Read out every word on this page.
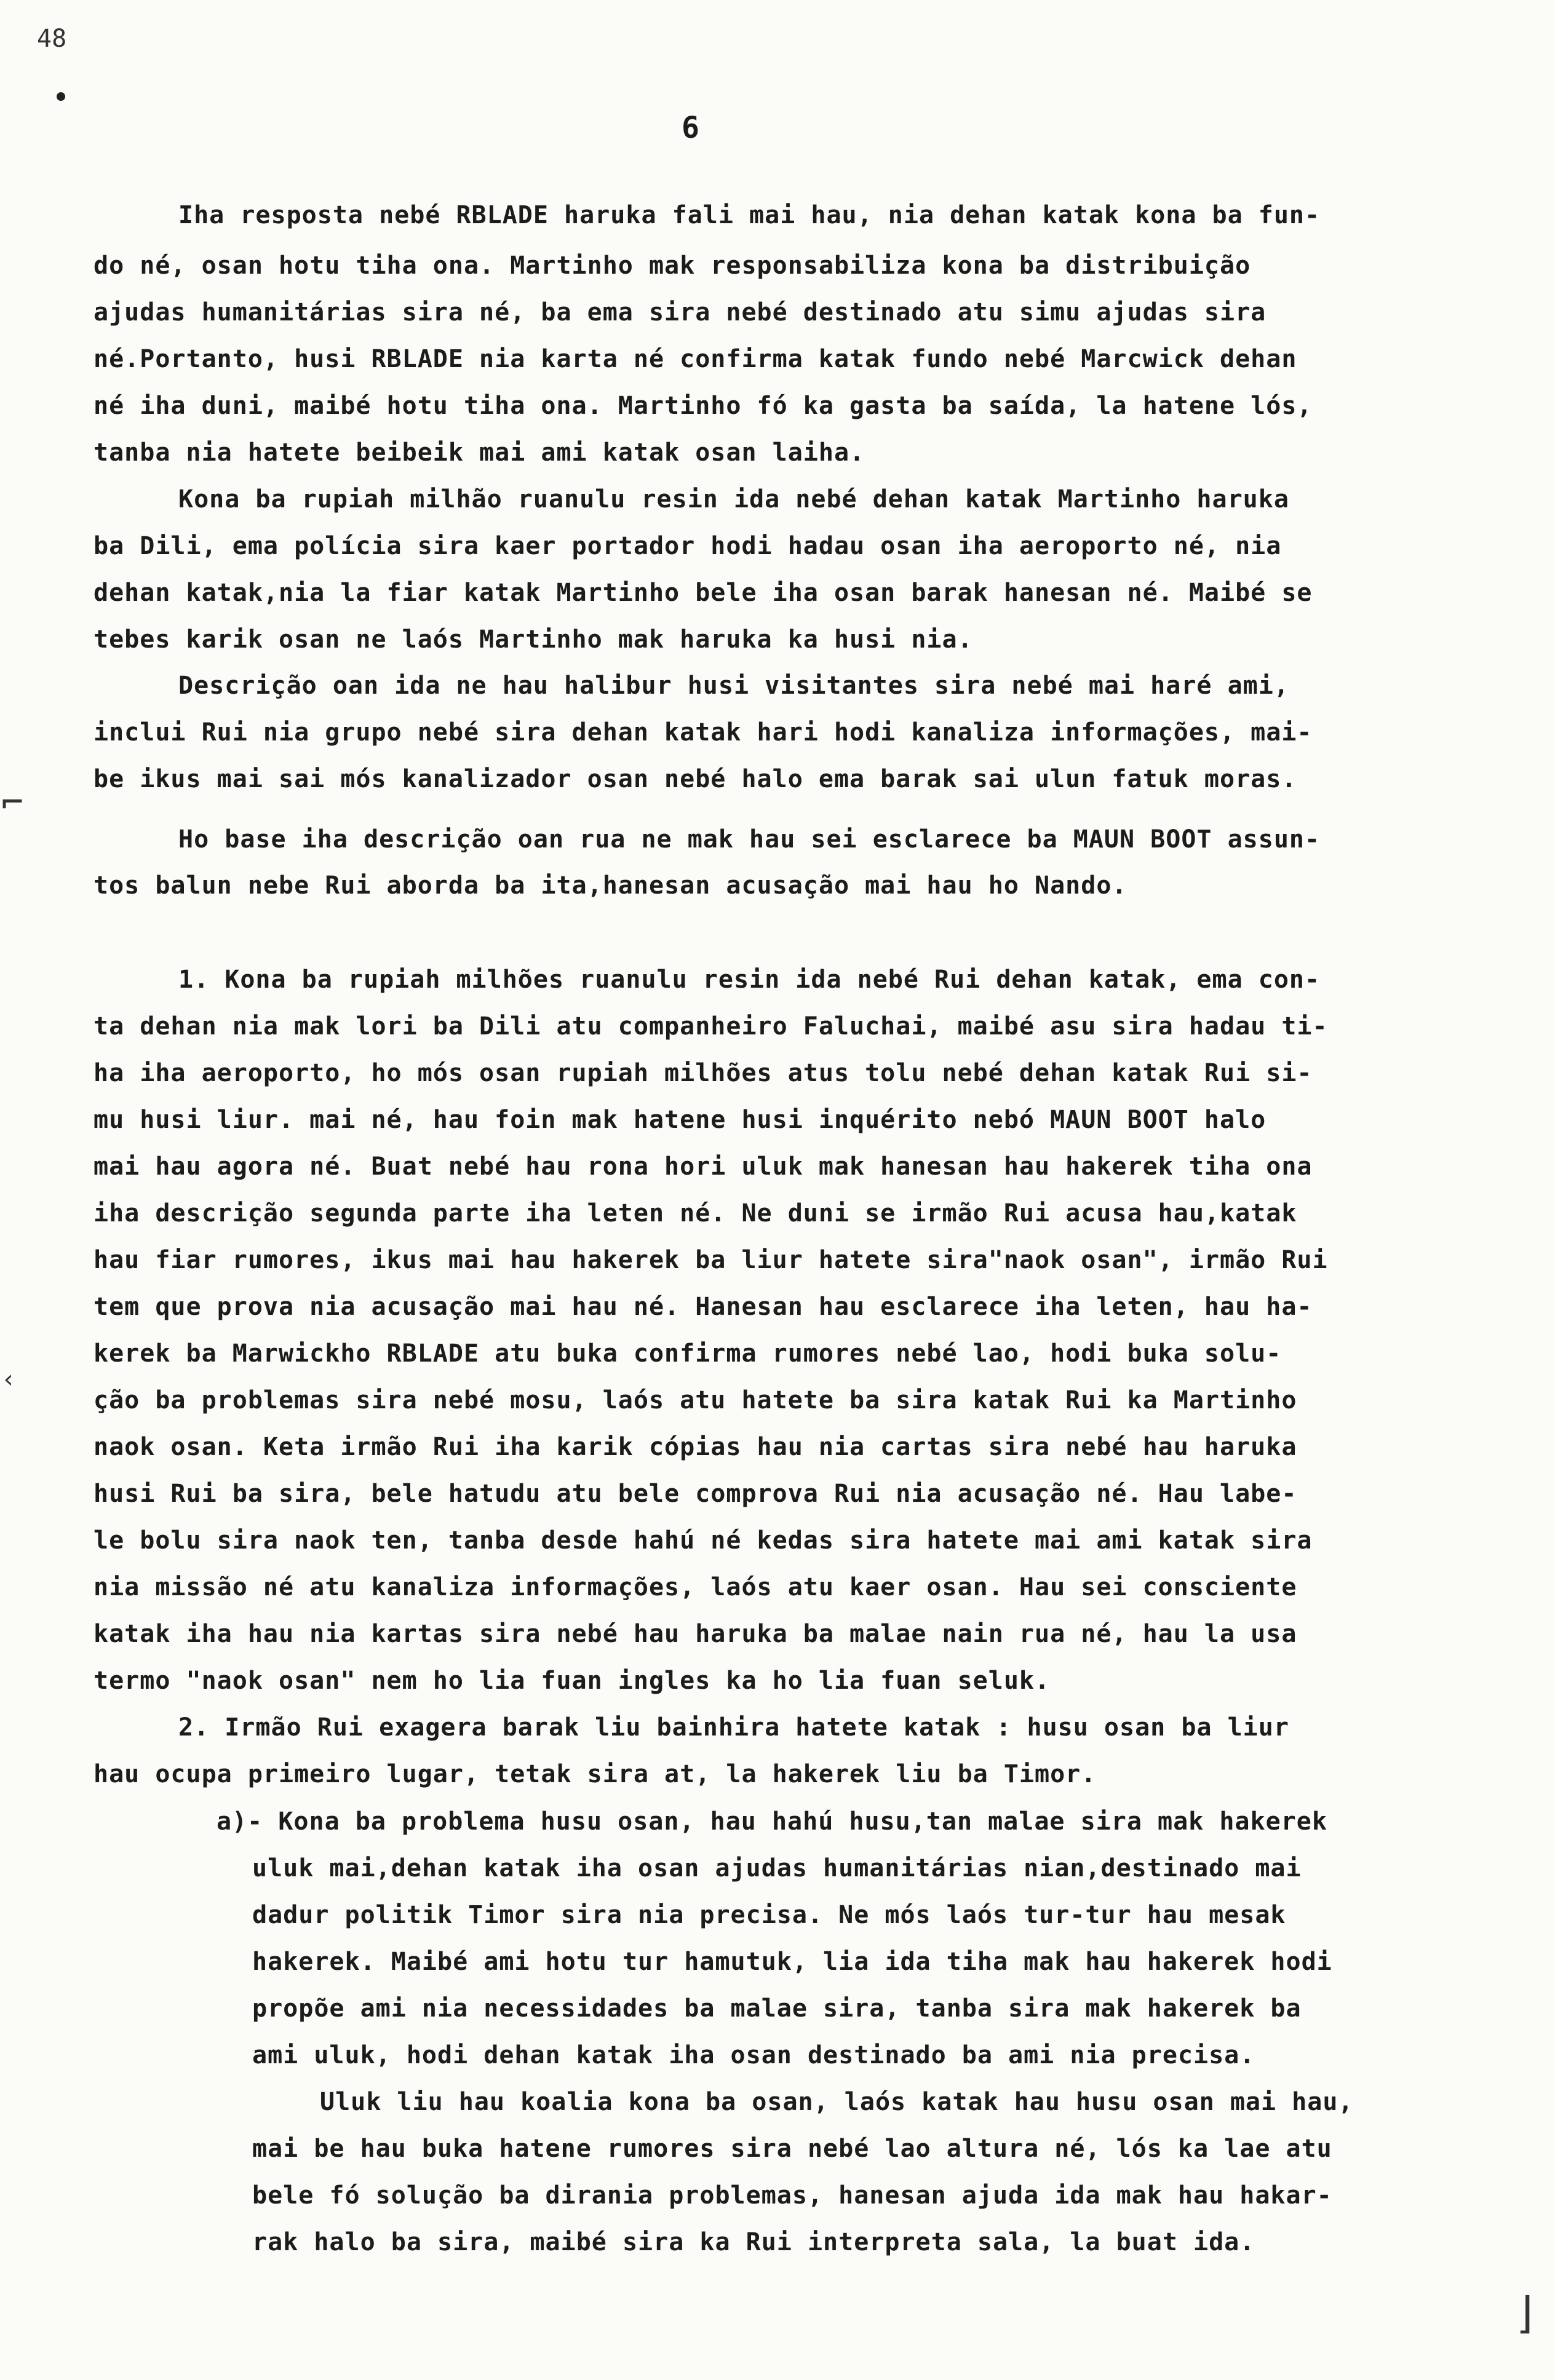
48
6
⌐
‹
⌋
Iha resposta nebé RBLADE haruka fali mai hau, nia dehan katak kona ba fun-
do né, osan hotu tiha ona. Martinho mak responsabiliza kona ba distribuição
ajudas humanitárias sira né, ba ema sira nebé destinado atu simu ajudas sira
né.Portanto, husi RBLADE nia karta né confirma katak fundo nebé Marcwick dehan
né iha duni, maibé hotu tiha ona. Martinho fó ka gasta ba saída, la hatene lós,
tanba nia hatete beibeik mai ami katak osan laiha.
Kona ba rupiah milhão ruanulu resin ida nebé dehan katak Martinho haruka
ba Dili, ema polícia sira kaer portador hodi hadau osan iha aeroporto né, nia
dehan katak,nia la fiar katak Martinho bele iha osan barak hanesan né. Maibé se
tebes karik osan ne laós Martinho mak haruka ka husi nia.
Descrição oan ida ne hau halibur husi visitantes sira nebé mai haré ami,
inclui Rui nia grupo nebé sira dehan katak hari hodi kanaliza informações, mai-
be ikus mai sai mós kanalizador osan nebé halo ema barak sai ulun fatuk moras.
Ho base iha descrição oan rua ne mak hau sei esclarece ba MAUN BOOT assun-
tos balun nebe Rui aborda ba ita,hanesan acusação mai hau ho Nando.
1. Kona ba rupiah milhões ruanulu resin ida nebé Rui dehan katak, ema con-
ta dehan nia mak lori ba Dili atu companheiro Faluchai, maibé asu sira hadau ti-
ha iha aeroporto, ho mós osan rupiah milhões atus tolu nebé dehan katak Rui si-
mu husi liur. mai né, hau foin mak hatene husi inquérito nebó MAUN BOOT halo
mai hau agora né. Buat nebé hau rona hori uluk mak hanesan hau hakerek tiha ona
iha descrição segunda parte iha leten né. Ne duni se irmão Rui acusa hau,katak
hau fiar rumores, ikus mai hau hakerek ba liur hatete sira"naok osan", irmão Rui
tem que prova nia acusação mai hau né. Hanesan hau esclarece iha leten, hau ha-
kerek ba Marwickho RBLADE atu buka confirma rumores nebé lao, hodi buka solu-
ção ba problemas sira nebé mosu, laós atu hatete ba sira katak Rui ka Martinho
naok osan. Keta irmão Rui iha karik cópias hau nia cartas sira nebé hau haruka
husi Rui ba sira, bele hatudu atu bele comprova Rui nia acusação né. Hau labe-
le bolu sira naok ten, tanba desde hahú né kedas sira hatete mai ami katak sira
nia missão né atu kanaliza informações, laós atu kaer osan. Hau sei consciente
katak iha hau nia kartas sira nebé hau haruka ba malae nain rua né, hau la usa
termo "naok osan" nem ho lia fuan ingles ka ho lia fuan seluk.
2. Irmão Rui exagera barak liu bainhira hatete katak : husu osan ba liur
hau ocupa primeiro lugar, tetak sira at, la hakerek liu ba Timor.
a)- Kona ba problema husu osan, hau hahú husu,tan malae sira mak hakerek
uluk mai,dehan katak iha osan ajudas humanitárias nian,destinado mai
dadur politik Timor sira nia precisa. Ne mós laós tur-tur hau mesak
hakerek. Maibé ami hotu tur hamutuk, lia ida tiha mak hau hakerek hodi
propõe ami nia necessidades ba malae sira, tanba sira mak hakerek ba
ami uluk, hodi dehan katak iha osan destinado ba ami nia precisa.
Uluk liu hau koalia kona ba osan, laós katak hau husu osan mai hau,
mai be hau buka hatene rumores sira nebé lao altura né, lós ka lae atu
bele fó solução ba dirania problemas, hanesan ajuda ida mak hau hakar-
rak halo ba sira, maibé sira ka Rui interpreta sala, la buat ida.
